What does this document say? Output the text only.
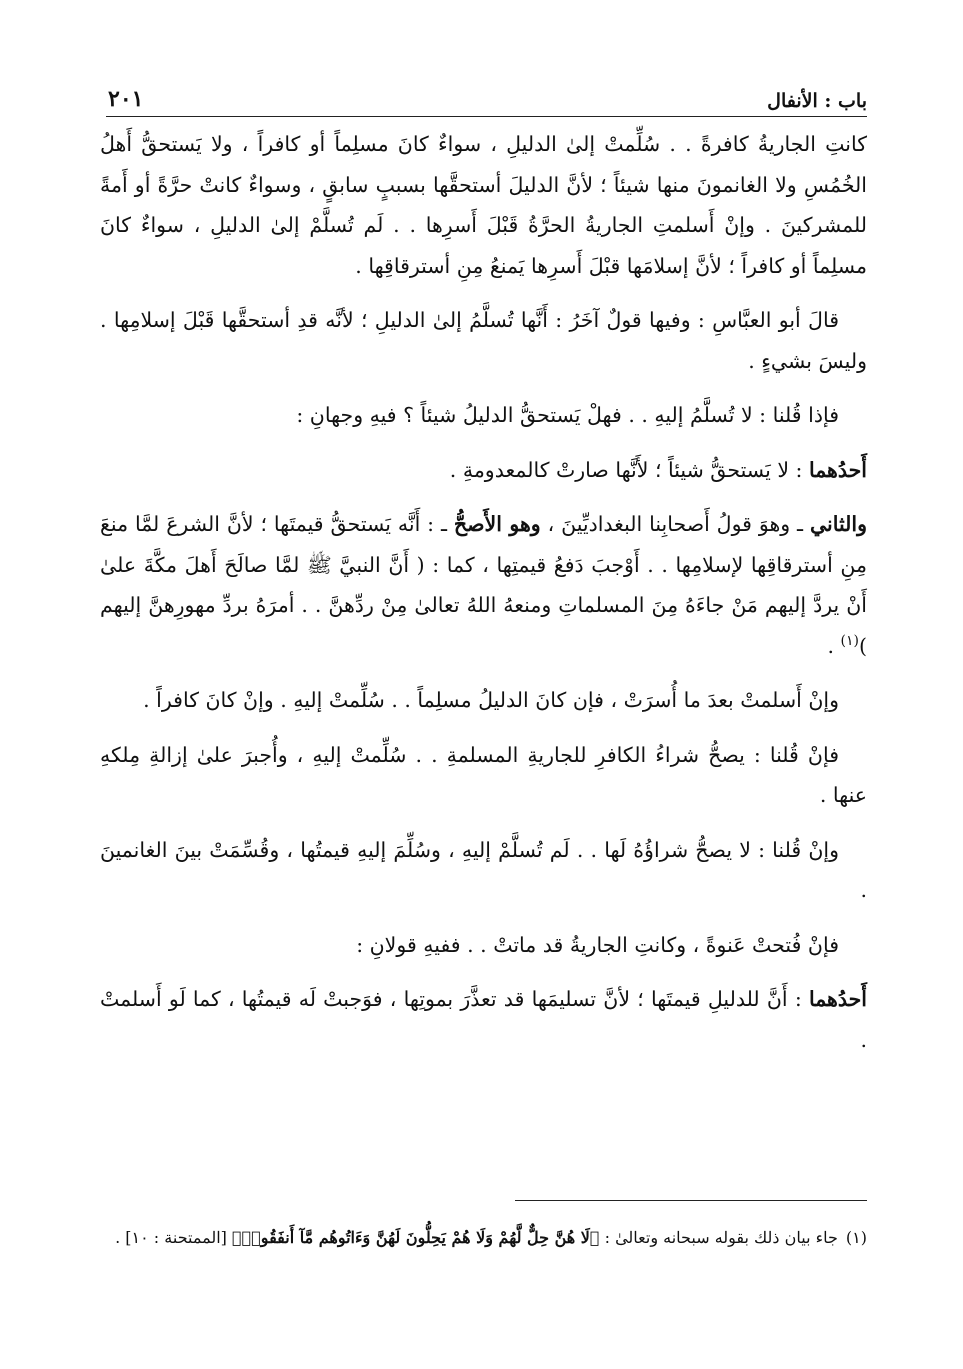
باب : الأنفال
٢٠١

كانتِ الجاريةُ كافرةً . . سُلِّمتْ إلىٰ الدليلِ ، سواءٌ كانَ مسلِماً أو كافراً ، ولا يَستحقُّ أَهلُ الخُمُسِ ولا الغانمونَ منها شيئاً ؛ لأنَّ الدليلَ أستحقَّها بسببٍ سابقٍ ، وسواءٌ كانتْ حرَّةً أو أَمةً للمشركينَ . وإنْ أَسلمتِ الجاريةُ الحرَّةُ قَبْلَ أَسرِها . . لَم تُسلَّمْ إلىٰ الدليلِ ، سواءٌ كانَ مسلِماً أو كافراً ؛ لأنَّ إسلامَها قبْلَ أَسرِها يَمنعُ مِنِ أسترقاقِها .

قالَ أبو العبَّاسِ : وفيها قولٌ آخَرُ : أَنَّها تُسلَّمُ إلىٰ الدليلِ ؛ لأنَّه قدِ أستحقَّها قَبْلَ إسلامِها . وليسَ بشيءٍ .

فإذا قُلنا : لا تُسلَّمُ إليهِ . . فهلْ يَستحقُّ الدليلُ شيئاً ؟ فيهِ وجهانِ :

أَحدُهما : لا يَستحقُّ شيئاً ؛ لأَنَّها صارتْ كالمعدومةِ .

والثاني ـ وهوَ قولُ أَصحابِنا البغداديِّينَ ، وهو الأَصحُّ ـ : أَنَّه يَستحقُّ قيمتَها ؛ لأنَّ الشرعَ لمَّا منعَ مِنِ أسترقاقِها لإسلامِها . . أَوْجبَ دَفعُ قيمتِها ، كما : ( أَنَّ النبيَّ ﷺ لمَّا صالَحَ أَهلَ مكَّةَ علىٰ أَنْ يردَّ إليهم مَنْ جاءَهُ مِنَ المسلماتِ ومنعهُ اللهُ تعالىٰ مِنْ ردِّهنَّ . . أمرَهُ بردِّ مهورِهنَّ إليهم )$^{(١)}$ .

وإنْ أَسلمتْ بعدَ ما أُسرَتْ ، فإن كانَ الدليلُ مسلِماً . . سُلِّمتْ إليهِ . وإنْ كانَ كافراً .

فإنْ قُلنا : يصحُّ شراءُ الكافرِ للجاريةِ المسلمةِ . . سُلِّمتْ إليهِ ، وأُجبرَ علىٰ إزالةِ مِلكهِ عنها .

وإنْ قُلنا : لا يصحُّ شراؤُهُ لَها . . لَم تُسلَّمْ إليهِ ، وسُلِّمَ إليهِ قيمتُها ، وقُسِّمَتْ بينَ الغانمينَ .

فإنْ فُتحتْ عَنوةً ، وكانتِ الجاريةُ قد ماتتْ . . ففيهِ قولانِ :

أَحدُهما : أَنَّ للدليلِ قيمتَها ؛ لأنَّ تسليمَها قد تعذَّرَ بموتِها ، فوَجبتْ لَه قيمتُها ، كما لَو أَسلمتْ .

(١)جاء بيان ذلك بقوله سبحانه وتعالىٰ : ﴿لَا هُنَّ حِلٌّ لَّهُمْ وَلَا هُمْ يَحِلُّونَ لَهُنَّ وَءَاتُوهُم مَّآ أَنفَقُوا۟﴾ [الممتحنة : ١٠] .
